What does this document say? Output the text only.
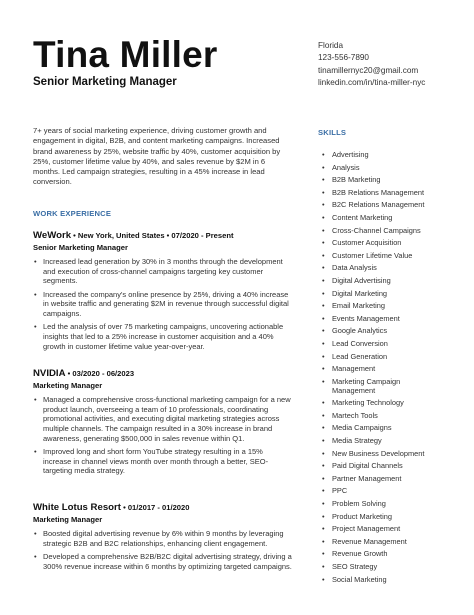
Tina Miller
Senior Marketing Manager
Florida
123-556-7890
tinamillernyc20@gmail.com
linkedin.com/in/tina-miller-nyc

7+ years of social marketing experience, driving customer growth and engagement in digital, B2B, and content marketing campaigns. Increased brand awareness by 25%, website traffic by 40%, customer acquisition by 25%, customer lifetime value by 40%, and sales revenue by $2M in 6 months. Led campaign strategies, resulting in a 45% increase in lead conversion.

WORK EXPERIENCE
SKILLS
WeWork • New York, United States • 07/2020 - Present
Senior Marketing Manager
• Increased lead generation by 30% in 3 months through the development and execution of cross-channel campaigns targeting key customer segments.
• Increased the company's online presence by 25%, driving a 40% increase in website traffic and generating $2M in revenue through successful digital campaigns.
• Led the analysis of over 75 marketing campaigns, uncovering actionable insights that led to a 25% increase in customer acquisition and a 40% growth in customer lifetime value year-over-year.
NVIDIA • 03/2020 - 06/2023
Marketing Manager
• Managed a comprehensive cross-functional marketing campaign for a new product launch, overseeing a team of 10 professionals, coordinating promotional activities, and executing digital marketing strategies across multiple channels. The campaign resulted in a 30% increase in brand awareness, generating $500,000 in sales revenue within Q1.
• Improved long and short form YouTube strategy resulting in a 15% increase in channel views month over month through a better, SEO-targeting media strategy.
White Lotus Resort • 01/2017 - 01/2020
Marketing Manager
• Boosted digital advertising revenue by 6% within 9 months by leveraging strategic B2B and B2C relationships, enhancing client engagement.
• Developed a comprehensive B2B/B2C digital advertising strategy, driving a 300% revenue increase within 6 months by optimizing targeted campaigns.
• Advertising
• Analysis
• B2B Marketing
• B2B Relations Management
• B2C Relations Management
• Content Marketing
• Cross-Channel Campaigns
• Customer Acquisition
• Customer Lifetime Value
• Data Analysis
• Digital Advertising
• Digital Marketing
• Email Marketing
• Events Management
• Google Analytics
• Lead Conversion
• Lead Generation
• Management
• Marketing Campaign Management
• Marketing Technology
• Martech Tools
• Media Campaigns
• Media Strategy
• New Business Development
• Paid Digital Channels
• Partner Management
• PPC
• Problem Solving
• Product Marketing
• Project Management
• Revenue Management
• Revenue Growth
• SEO Strategy
• Social Marketing
